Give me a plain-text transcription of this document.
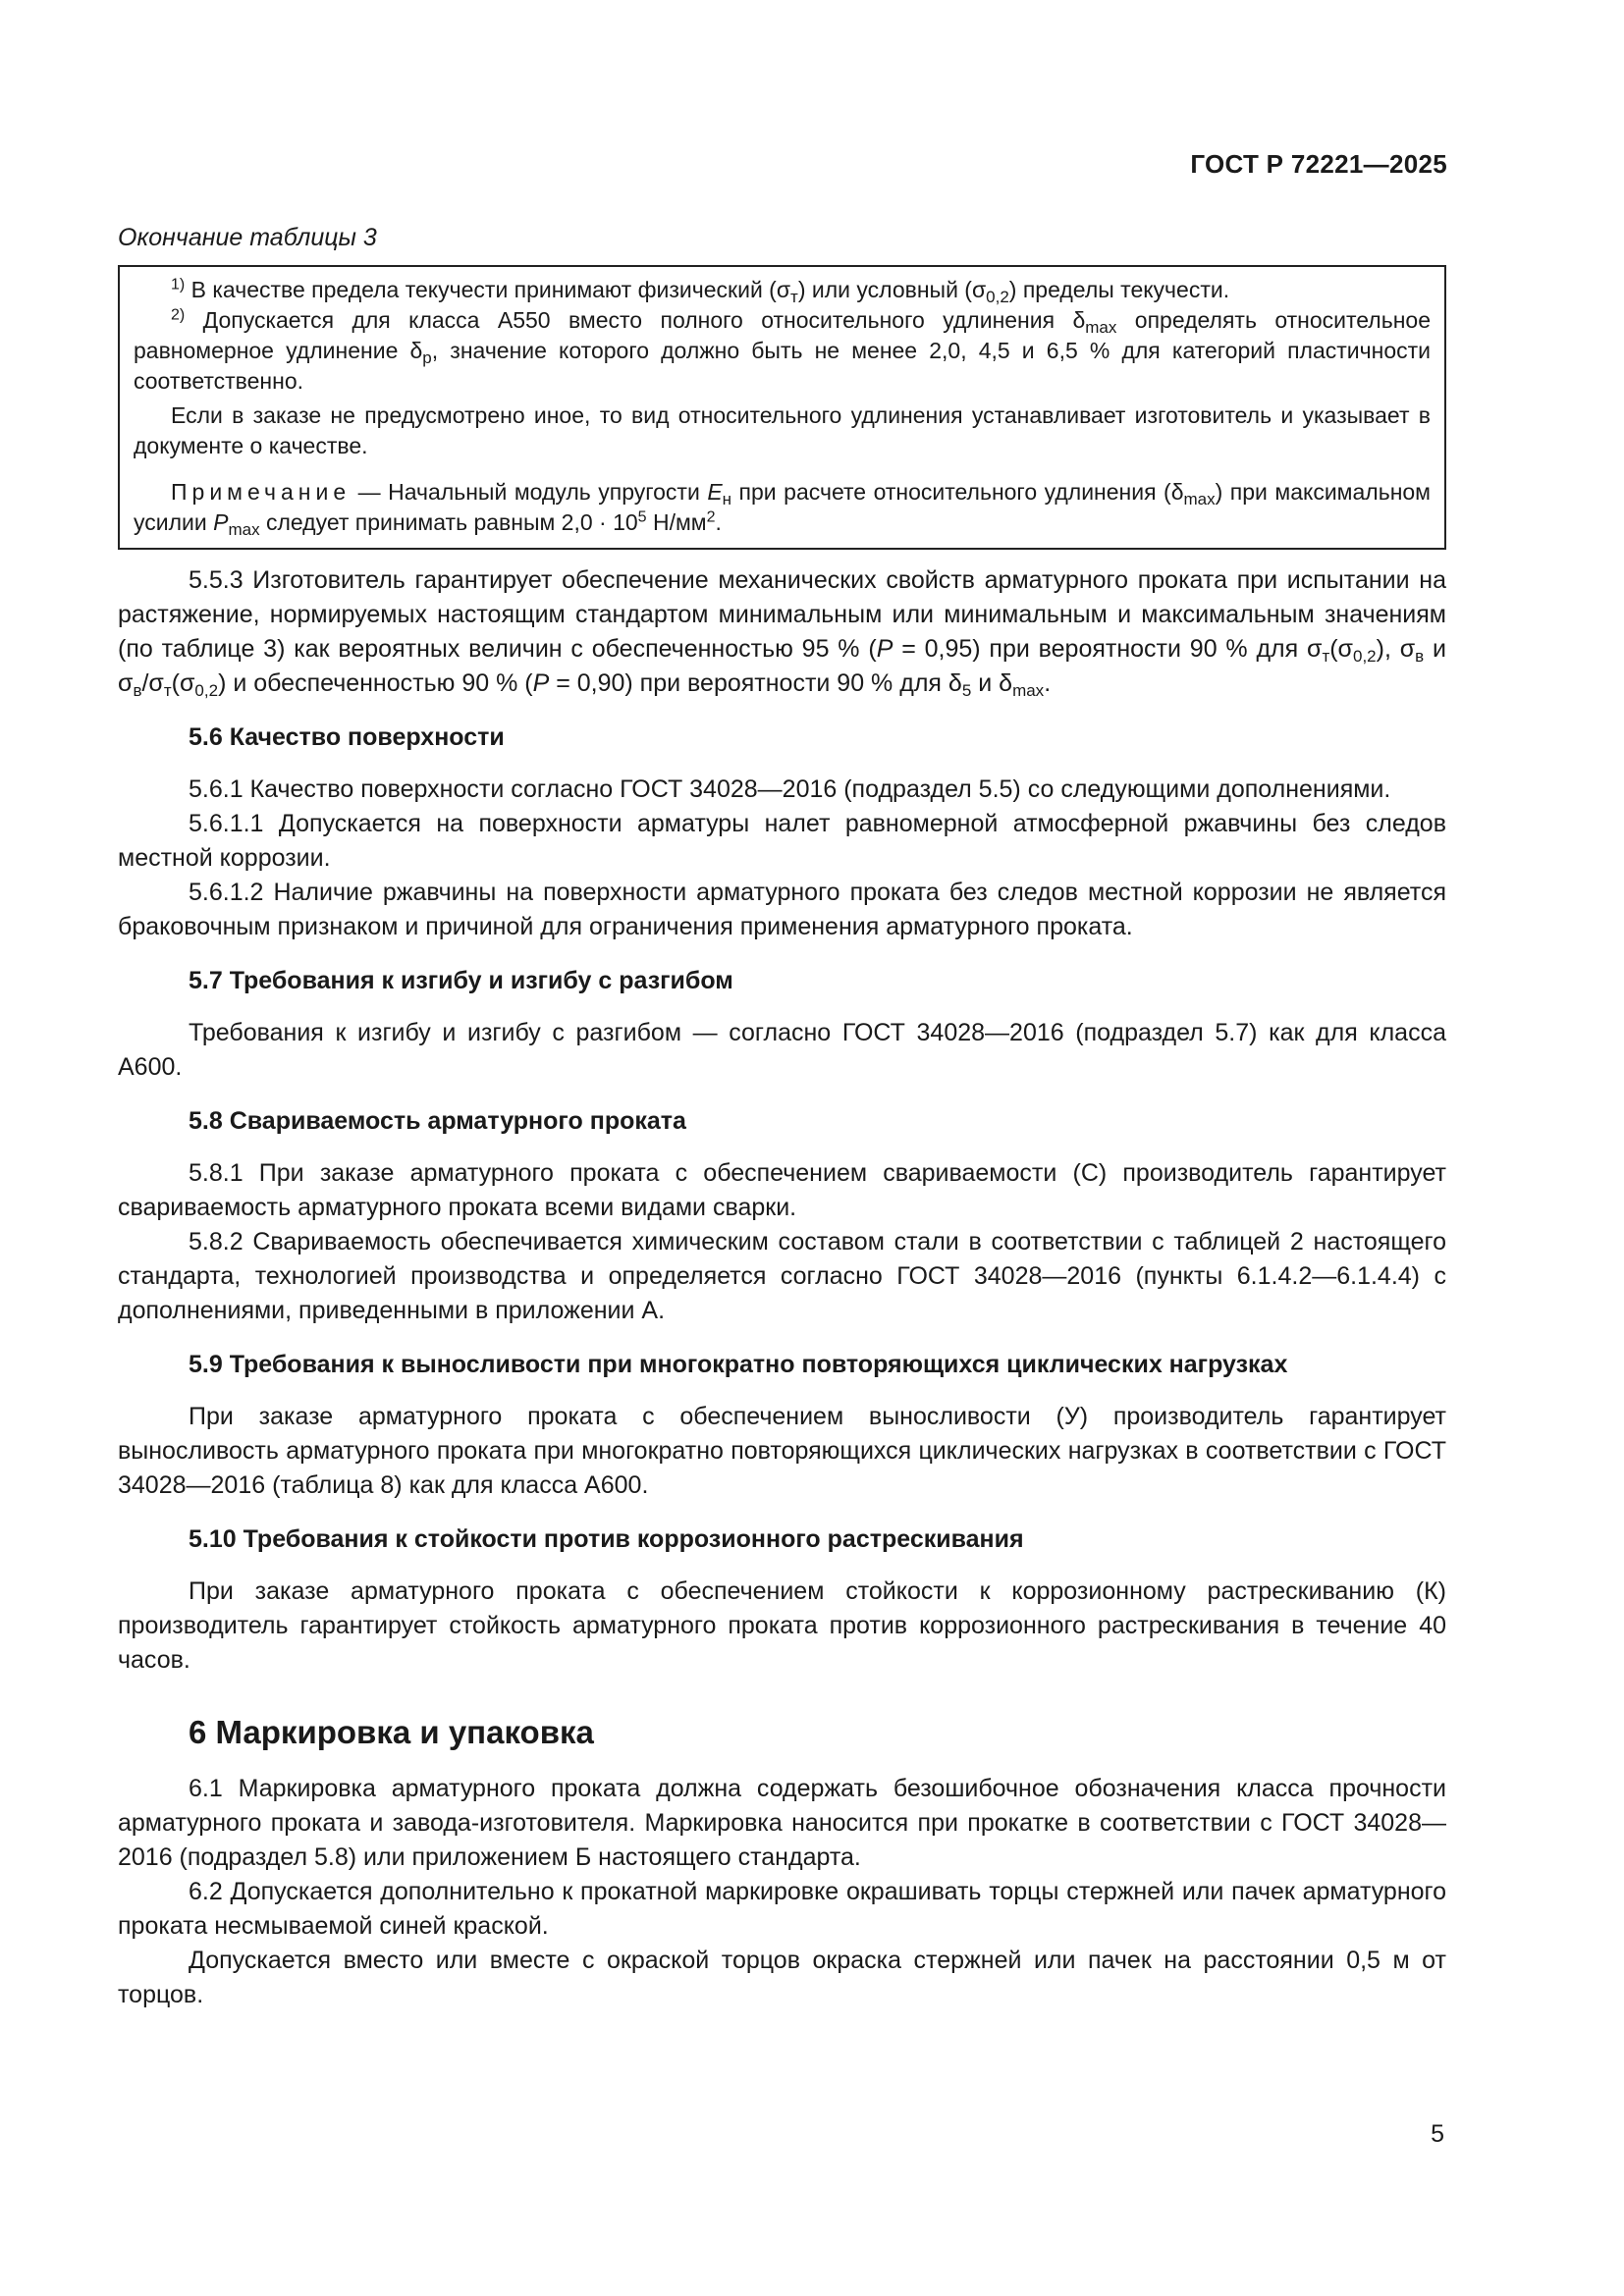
ГОСТ Р 72221—2025

Окончание таблицы 3

$^{1)}$ В качестве предела текучести принимают физический $(\sigma_т)$ или условный $(\sigma_{0,2})$ пределы текучести.

$^{2)}$ Допускается для класса А550 вместо полного относительного удлинения $\delta_{max}$ определять относительное равномерное удлинение $\delta_p$, значение которого должно быть не менее 2,0, 4,5 и 6,5 % для категорий пластичности соответственно.

Если в заказе не предусмотрено иное, то вид относительного удлинения устанавливает изготовитель и указывает в документе о качестве.

Примечание — Начальный модуль упругости $E_н$ при расчете относительного удлинения $(\delta_{max})$ при максимальном усилии $P_{max}$ следует принимать равным $2,0 \cdot 10^5$ $Н/мм^2$.

5.5.3 Изготовитель гарантирует обеспечение механических свойств арматурного проката при испытании на растяжение, нормируемых настоящим стандартом минимальным или минимальным и максимальным значениям (по таблице 3) как вероятных величин с обеспеченностью 95 % (P = 0,95) при вероятности 90 % для $\sigma_т(\sigma_{0,2})$, $\sigma_в$ и $\sigma_в/\sigma_т(\sigma_{0,2})$ и обеспеченностью 90 % (P = 0,90) при вероятности 90 % для $\delta_5$ и $\delta_{max}$.

5.6 Качество поверхности

5.6.1 Качество поверхности согласно ГОСТ 34028—2016 (подраздел 5.5) со следующими дополнениями.

5.6.1.1 Допускается на поверхности арматуры налет равномерной атмосферной ржавчины без следов местной коррозии.

5.6.1.2 Наличие ржавчины на поверхности арматурного проката без следов местной коррозии не является браковочным признаком и причиной для ограничения применения арматурного проката.

5.7 Требования к изгибу и изгибу с разгибом

Требования к изгибу и изгибу с разгибом — согласно ГОСТ 34028—2016 (подраздел 5.7) как для класса А600.

5.8 Свариваемость арматурного проката

5.8.1 При заказе арматурного проката с обеспечением свариваемости (С) производитель гарантирует свариваемость арматурного проката всеми видами сварки.

5.8.2 Свариваемость обеспечивается химическим составом стали в соответствии с таблицей 2 настоящего стандарта, технологией производства и определяется согласно ГОСТ 34028—2016 (пункты 6.1.4.2—6.1.4.4) с дополнениями, приведенными в приложении А.

5.9 Требования к выносливости при многократно повторяющихся циклических нагрузках

При заказе арматурного проката с обеспечением выносливости (У) производитель гарантирует выносливость арматурного проката при многократно повторяющихся циклических нагрузках в соответствии с ГОСТ 34028—2016 (таблица 8) как для класса А600.

5.10 Требования к стойкости против коррозионного растрескивания

При заказе арматурного проката с обеспечением стойкости к коррозионному растрескиванию (К) производитель гарантирует стойкость арматурного проката против коррозионного растрескивания в течение 40 часов.

6 Маркировка и упаковка

6.1 Маркировка арматурного проката должна содержать безошибочное обозначения класса прочности арматурного проката и завода-изготовителя. Маркировка наносится при прокатке в соответствии с ГОСТ 34028—2016 (подраздел 5.8) или приложением Б настоящего стандарта.

6.2 Допускается дополнительно к прокатной маркировке окрашивать торцы стержней или пачек арматурного проката несмываемой синей краской.

Допускается вместо или вместе с окраской торцов окраска стержней или пачек на расстоянии 0,5 м от торцов.

5
